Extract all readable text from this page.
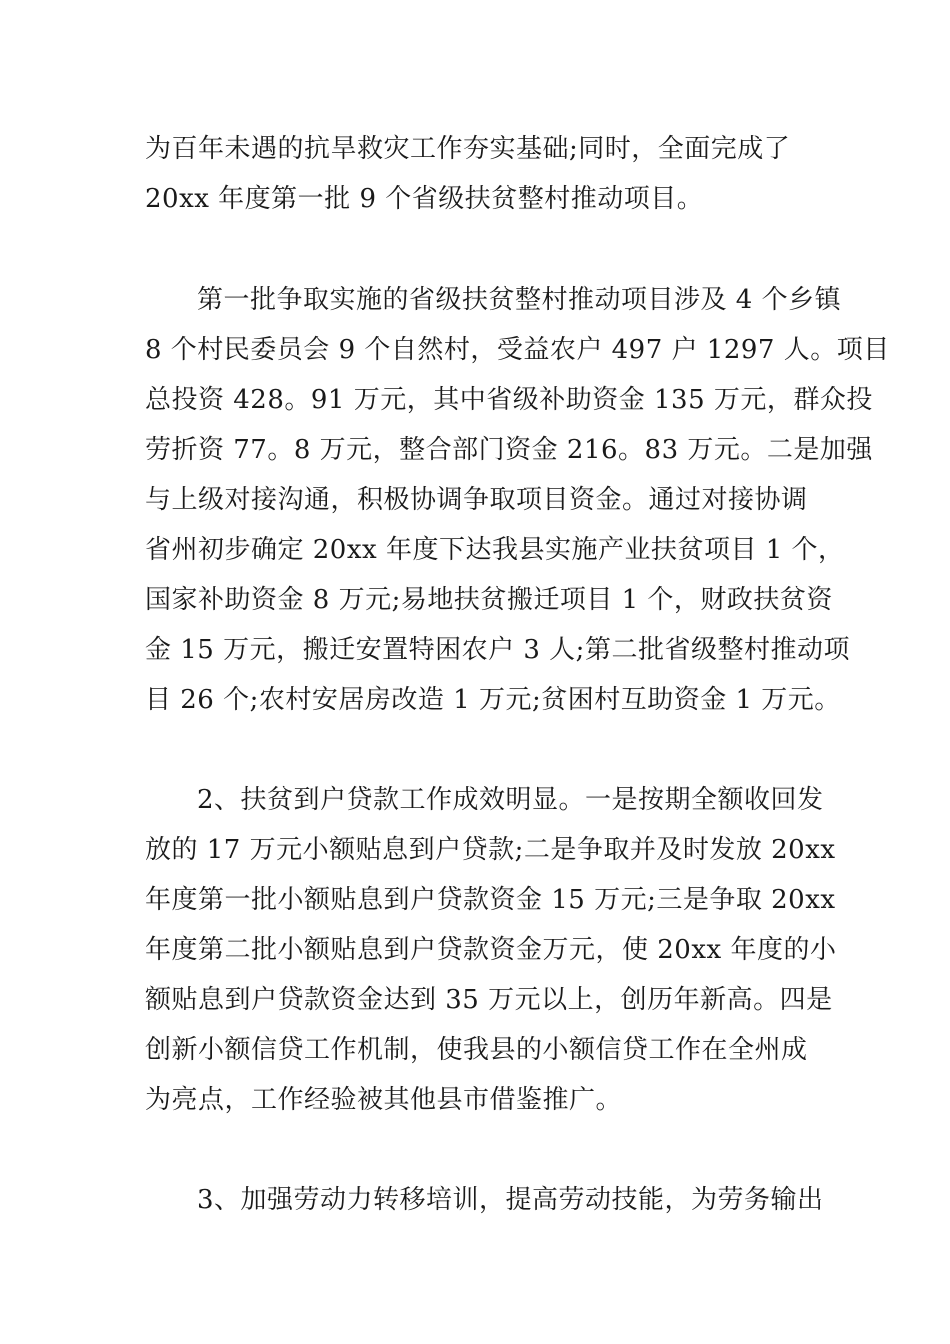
为百年未遇的抗旱救灾工作夯实基础;同时，全面完成了
20xx 年度第一批 9 个省级扶贫整村推动项目。
第一批争取实施的省级扶贫整村推动项目涉及 4 个乡镇
8 个村民委员会 9 个自然村，受益农户 497 户 1297 人。项目
总投资 428。91 万元，其中省级补助资金 135 万元，群众投
劳折资 77。8 万元，整合部门资金 216。83 万元。二是加强
与上级对接沟通，积极协调争取项目资金。通过对接协调
省州初步确定 20xx 年度下达我县实施产业扶贫项目 1 个，
国家补助资金 8 万元;易地扶贫搬迁项目 1 个，财政扶贫资
金 15 万元，搬迁安置特困农户 3 人;第二批省级整村推动项
目 26 个;农村安居房改造 1 万元;贫困村互助资金 1 万元。
2、扶贫到户贷款工作成效明显。一是按期全额收回发
放的 17 万元小额贴息到户贷款;二是争取并及时发放 20xx
年度第一批小额贴息到户贷款资金 15 万元;三是争取 20xx
年度第二批小额贴息到户贷款资金万元，使 20xx 年度的小
额贴息到户贷款资金达到 35 万元以上，创历年新高。四是
创新小额信贷工作机制，使我县的小额信贷工作在全州成
为亮点，工作经验被其他县市借鉴推广。
3、加强劳动力转移培训，提高劳动技能，为劳务输出
